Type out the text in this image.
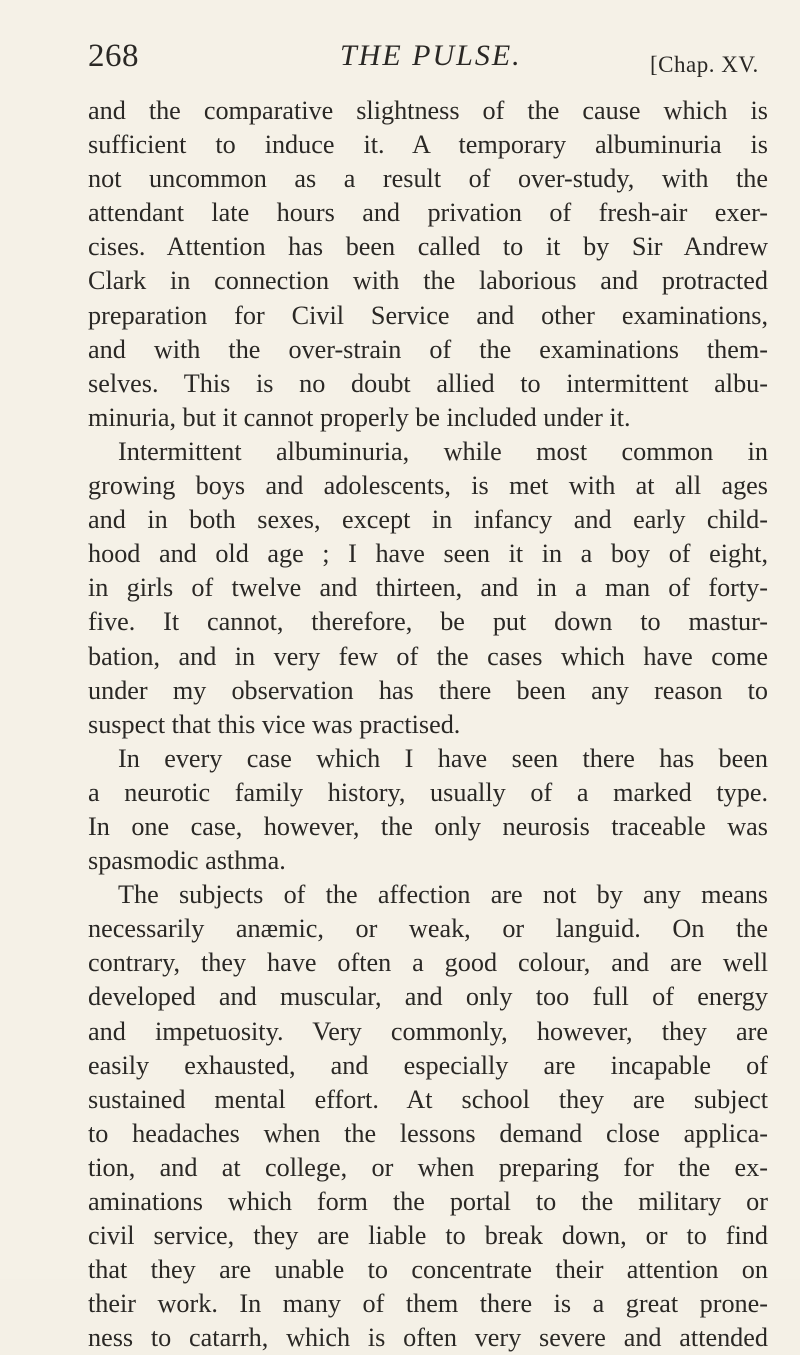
268	THE PULSE.	[Chap. XV.
and the comparative slightness of the cause which is
sufficient to induce it. A temporary albuminuria is
not uncommon as a result of over-study, with the
attendant late hours and privation of fresh-air exer-
cises. Attention has been called to it by Sir Andrew
Clark in connection with the laborious and protracted
preparation for Civil Service and other examinations,
and with the over-strain of the examinations them-
selves. This is no doubt allied to intermittent albu-
minuria, but it cannot properly be included under it.
Intermittent albuminuria, while most common in
growing boys and adolescents, is met with at all ages
and in both sexes, except in infancy and early child-
hood and old age ; I have seen it in a boy of eight,
in girls of twelve and thirteen, and in a man of forty-
five. It cannot, therefore, be put down to mastur-
bation, and in very few of the cases which have come
under my observation has there been any reason to
suspect that this vice was practised.
In every case which I have seen there has been
a neurotic family history, usually of a marked type.
In one case, however, the only neurosis traceable was
spasmodic asthma.
The subjects of the affection are not by any means
necessarily anæmic, or weak, or languid. On the
contrary, they have often a good colour, and are well
developed and muscular, and only too full of energy
and impetuosity. Very commonly, however, they are
easily exhausted, and especially are incapable of
sustained mental effort. At school they are subject
to headaches when the lessons demand close applica-
tion, and at college, or when preparing for the ex-
aminations which form the portal to the military or
civil service, they are liable to break down, or to find
that they are unable to concentrate their attention on
their work. In many of them there is a great prone-
ness to catarrh, which is often very severe and attended
